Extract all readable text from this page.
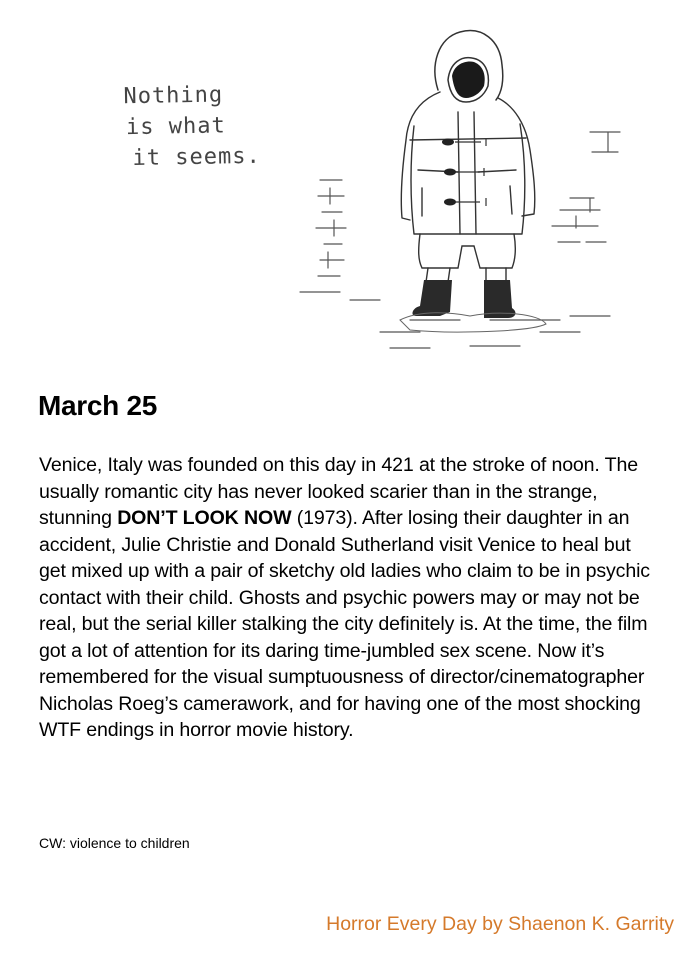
Nothing
is what
it seems.
March 25

Venice, Italy was founded on this day in 421 at the stroke of noon. The usually romantic city has never looked scarier than in the strange, stunning DON’T LOOK NOW (1973). After losing their daughter in an accident, Julie Christie and Donald Sutherland visit Venice to heal but get mixed up with a pair of sketchy old ladies who claim to be in psychic contact with their child. Ghosts and psychic powers may or may not be real, but the serial killer stalking the city definitely is. At the time, the film got a lot of attention for its daring time-jumbled sex scene. Now it’s remembered for the visual sumptuousness of director/cinematographer Nicholas Roeg’s camerawork, and for having one of the most shocking WTF endings in horror movie history.

CW: violence to children

Horror Every Day by Shaenon K. Garrity
